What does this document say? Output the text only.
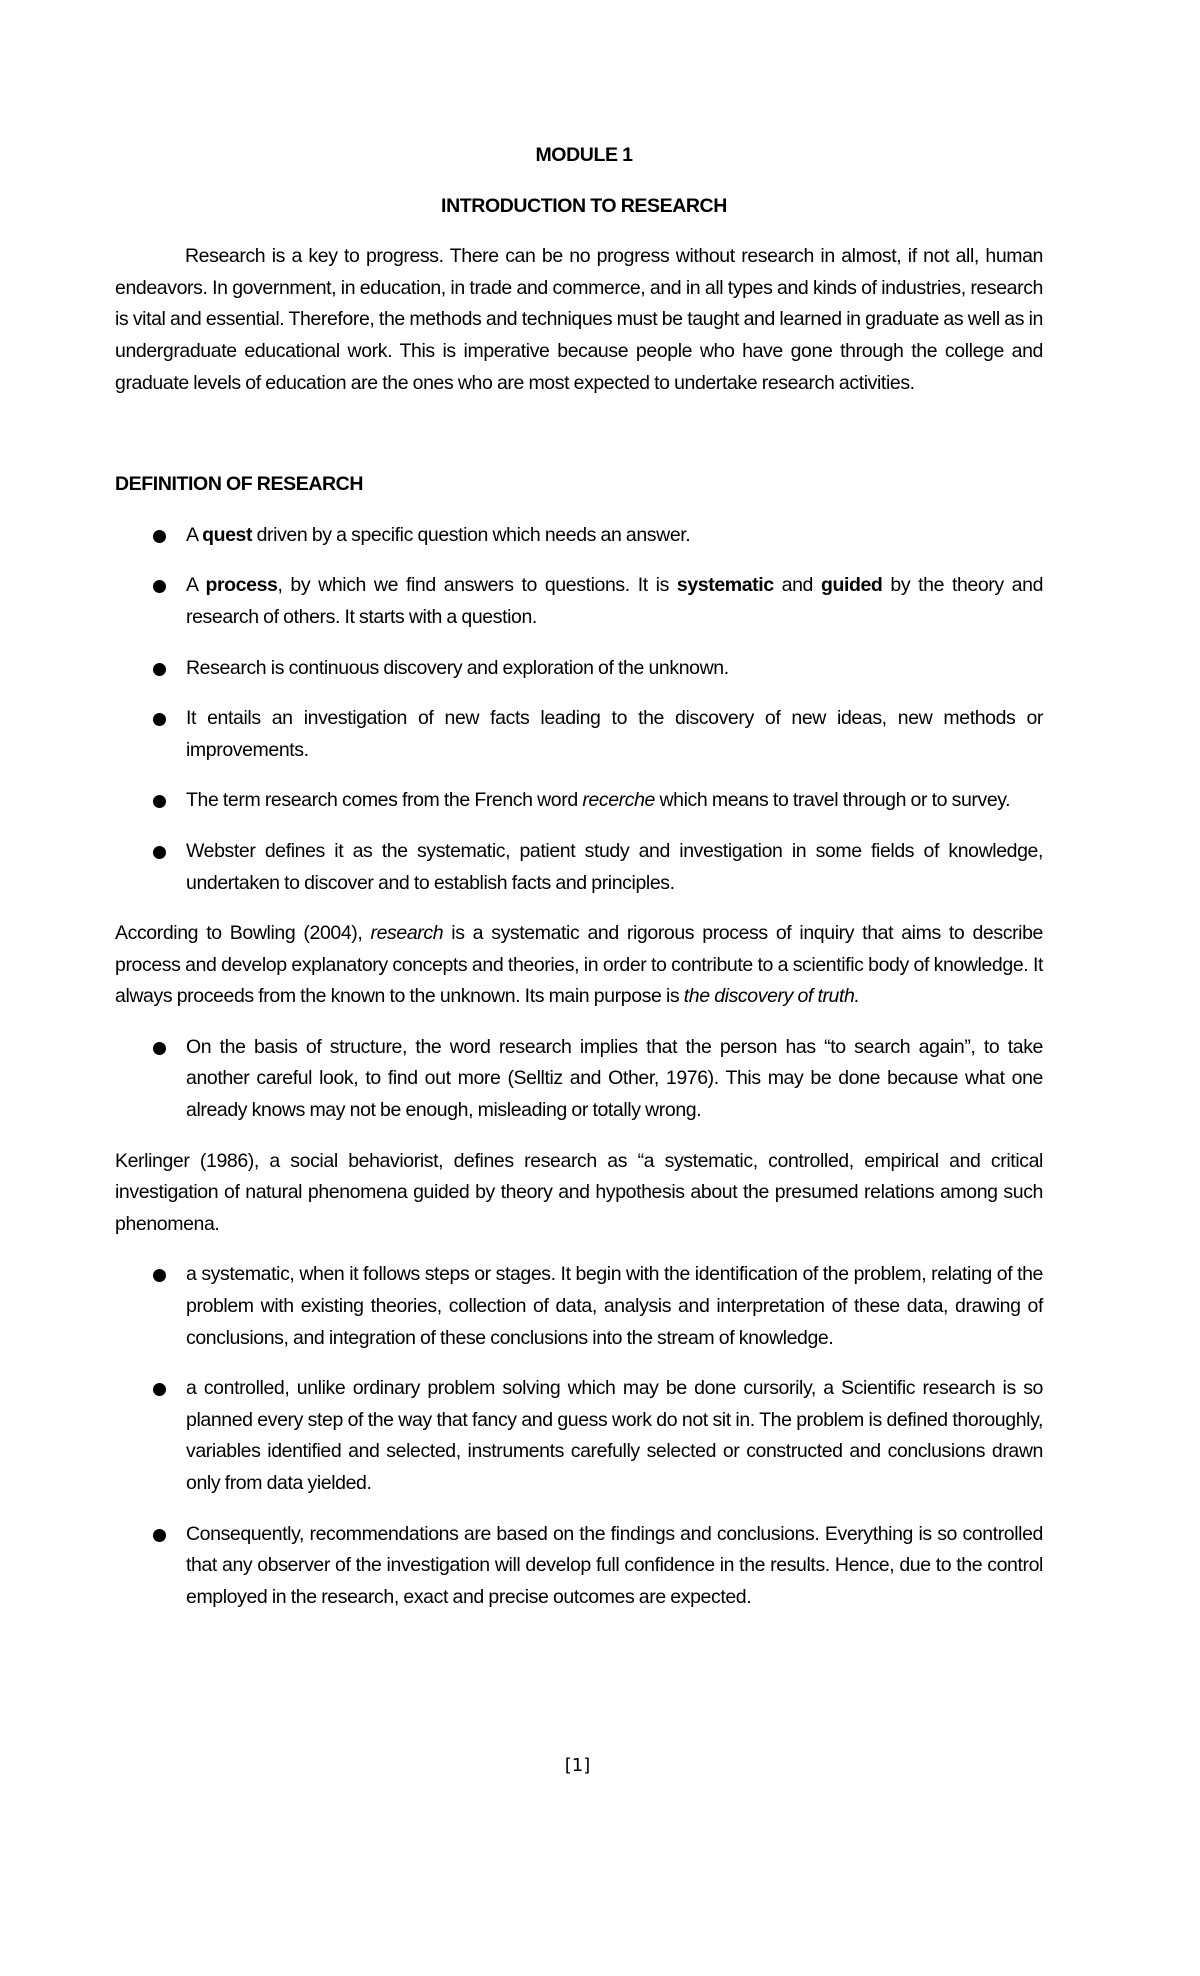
MODULE 1

INTRODUCTION TO RESEARCH

Research is a key to progress. There can be no progress without research in almost, if not all, human endeavors. In government, in education, in trade and commerce, and in all types and kinds of industries, research is vital and essential. Therefore, the methods and techniques must be taught and learned in graduate as well as in undergraduate educational work. This is imperative because people who have gone through the college and graduate levels of education are the ones who are most expected to undertake research activities.

DEFINITION OF RESEARCH

A quest driven by a specific question which needs an answer.
A process, by which we find answers to questions. It is systematic and guided by the theory and research of others. It starts with a question.
Research is continuous discovery and exploration of the unknown.
It entails an investigation of new facts leading to the discovery of new ideas, new methods or improvements.
The term research comes from the French word recerche which means to travel through or to survey.
Webster defines it as the systematic, patient study and investigation in some fields of knowledge, undertaken to discover and to establish facts and principles.

According to Bowling (2004), research is a systematic and rigorous process of inquiry that aims to describe process and develop explanatory concepts and theories, in order to contribute to a scientific body of knowledge. It always proceeds from the known to the unknown. Its main purpose is the discovery of truth.

On the basis of structure, the word research implies that the person has “to search again”, to take another careful look, to find out more (Selltiz and Other, 1976). This may be done because what one already knows may not be enough, misleading or totally wrong.

Kerlinger (1986), a social behaviorist, defines research as “a systematic, controlled, empirical and critical investigation of natural phenomena guided by theory and hypothesis about the presumed relations among such phenomena.

a systematic, when it follows steps or stages. It begin with the identification of the problem, relating of the problem with existing theories, collection of data, analysis and interpretation of these data, drawing of conclusions, and integration of these conclusions into the stream of knowledge.
a controlled, unlike ordinary problem solving which may be done cursorily, a Scientific research is so planned every step of the way that fancy and guess work do not sit in. The problem is defined thoroughly, variables identified and selected, instruments carefully selected or constructed and conclusions drawn only from data yielded.
Consequently, recommendations are based on the findings and conclusions. Everything is so controlled that any observer of the investigation will develop full confidence in the results. Hence, due to the control employed in the research, exact and precise outcomes are expected.
[1]
